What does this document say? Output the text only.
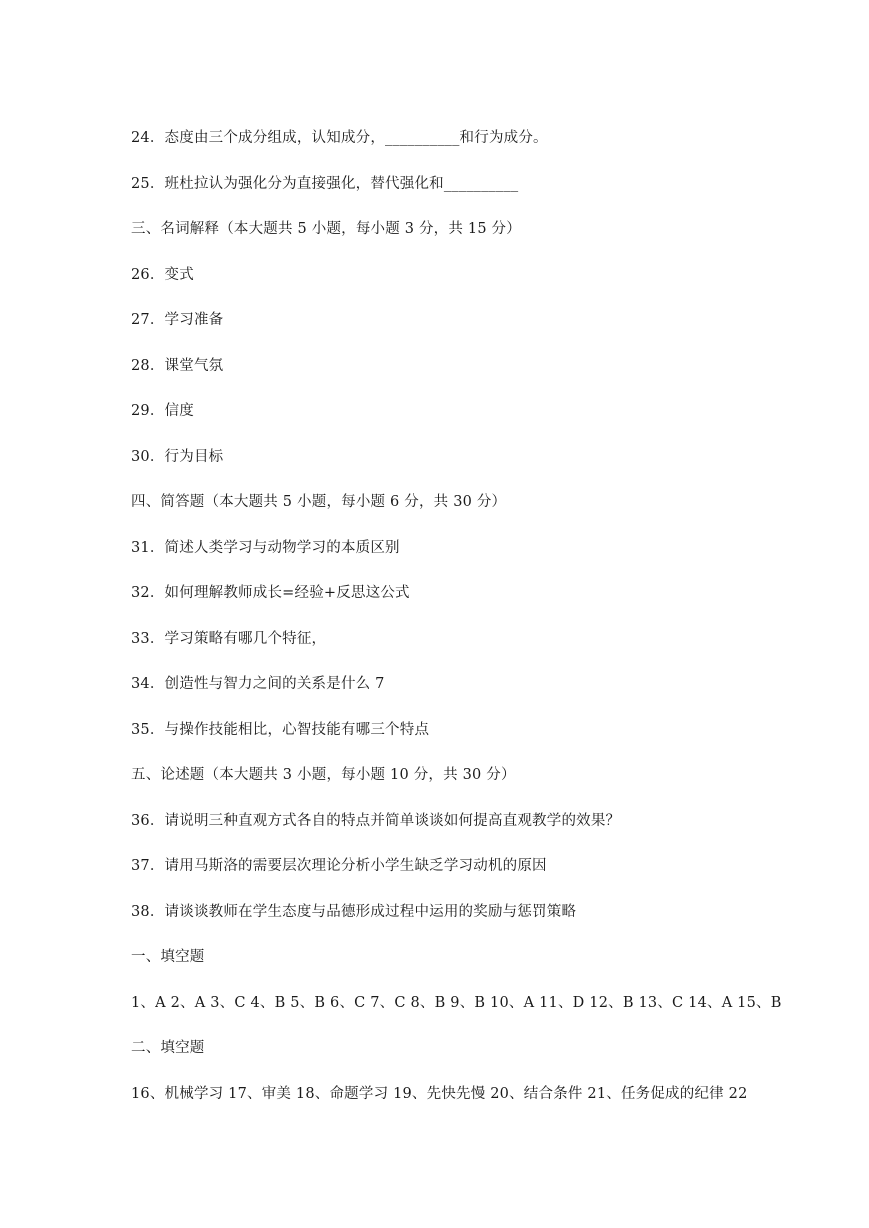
24．态度由三个成分组成，认知成分，__________和行为成分。
25．班杜拉认为强化分为直接强化，替代强化和__________
三、名词解释（本大题共 5 小题，每小题 3 分，共 15 分）
26．变式
27．学习准备
28．课堂气氛
29．信度
30．行为目标
四、简答题（本大题共 5 小题，每小题 6 分，共 30 分）
31．简述人类学习与动物学习的本质区别
32．如何理解教师成长=经验+反思这公式
33．学习策略有哪几个特征，
34．创造性与智力之间的关系是什么 7
35．与操作技能相比，心智技能有哪三个特点
五、论述题（本大题共 3 小题，每小题 10 分，共 30 分）
36．请说明三种直观方式各自的特点并简单谈谈如何提高直观教学的效果？
37．请用马斯洛的需要层次理论分析小学生缺乏学习动机的原因
38．请谈谈教师在学生态度与品德形成过程中运用的奖励与惩罚策略
一、填空题
1、A 2、A 3、C 4、B 5、B 6、C 7、C 8、B 9、B 10、A 11、D 12、B 13、C 14、A 15、B
二、填空题
16、机械学习 17、审美 18、命题学习 19、先快先慢 20、结合条件 21、任务促成的纪律 22
